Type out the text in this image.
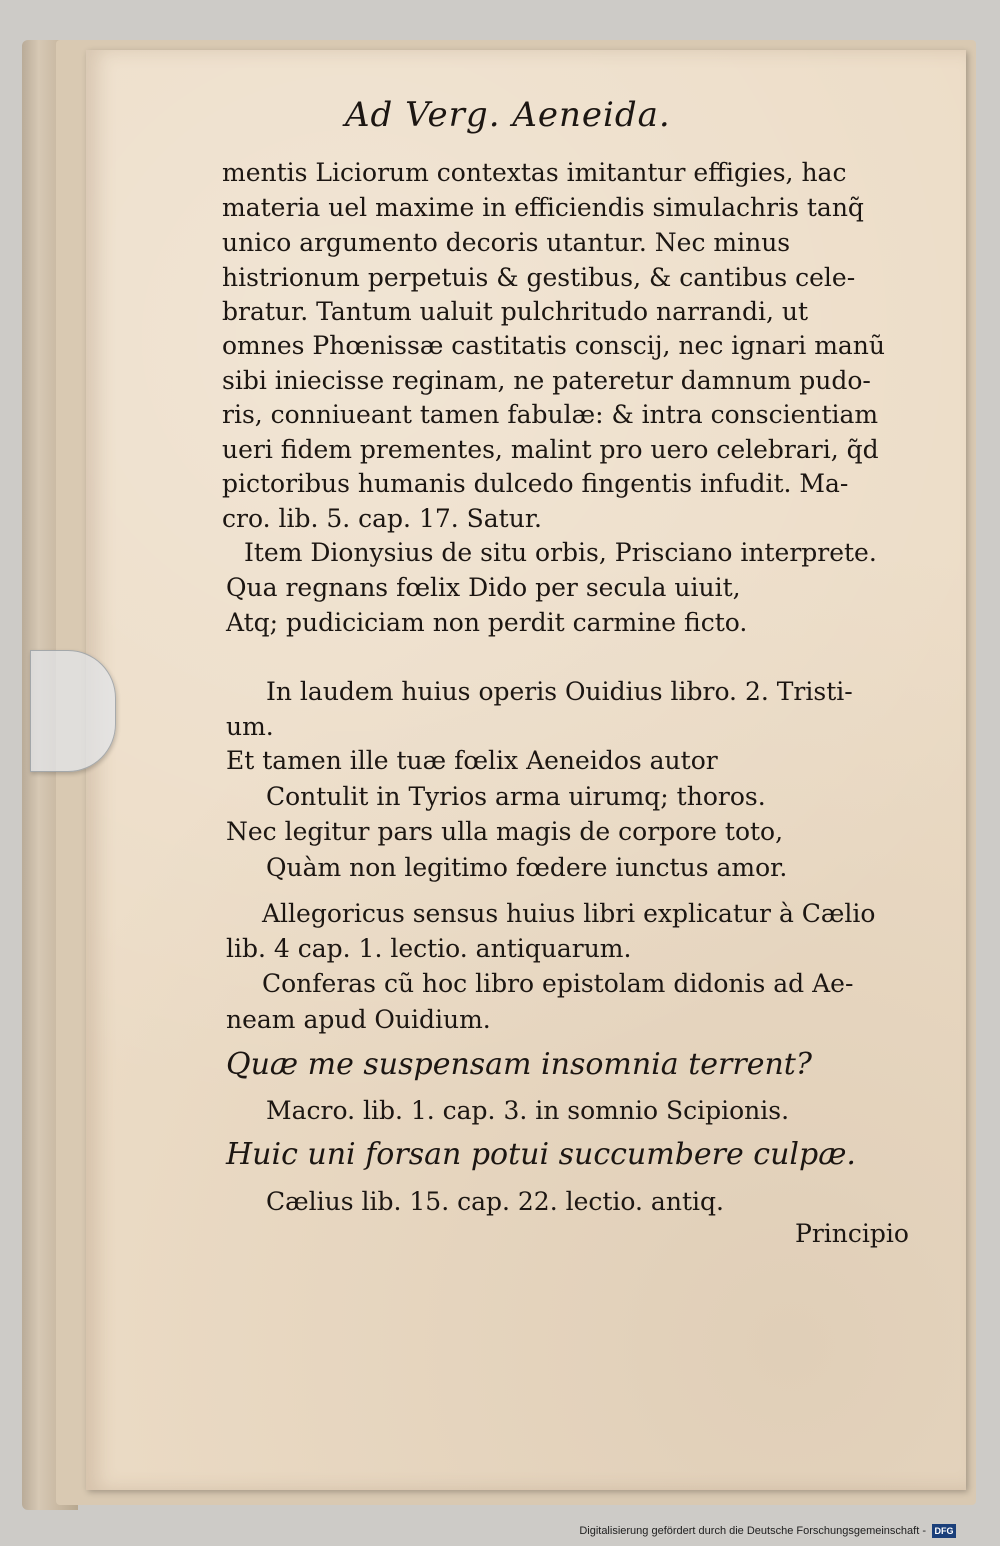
Ad Verg. Aeneida.

mentis Liciorum contextas imitantur effigies, hac

materia uel maxime in efficiendis simulachris tanq̃

unico argumento decoris utantur. Nec minus

histrionum perpetuis & gestibus, & cantibus cele-

bratur. Tantum ualuit pulchritudo narrandi, ut

omnes Phœnissæ castitatis conscij, nec ignari manũ

sibi iniecisse reginam, ne pateretur damnum pudo-

ris, conniueant tamen fabulæ: & intra conscientiam

ueri fidem prementes, malint pro uero celebrari, q̃d

pictoribus humanis dulcedo fingentis infudit. Ma-

cro. lib. 5. cap. 17. Satur.

Item Dionysius de situ orbis, Prisciano interprete.

Qua regnans fœlix Dido per secula uiuit,

Atq; pudiciciam non perdit carmine ficto.

In laudem huius operis Ouidius libro. 2. Tristi-

um.

Et tamen ille tuæ fœlix Aeneidos autor

Contulit in Tyrios arma uirumq; thoros.

Nec legitur pars ulla magis de corpore toto,

Quàm non legitimo fœdere iunctus amor.

Allegoricus sensus huius libri explicatur à Cælio

lib. 4 cap. 1. lectio. antiquarum.

Conferas cũ hoc libro epistolam didonis ad Ae-

neam apud Ouidium.

Quæ me suspensam insomnia terrent?

Macro. lib. 1. cap. 3. in somnio Scipionis.

Huic uni forsan potui succumbere culpæ.

Cælius lib. 15. cap. 22. lectio. antiq.

Principio

Digitalisierung gefördert durch die Deutsche Forschungsgemeinschaft - DFG
